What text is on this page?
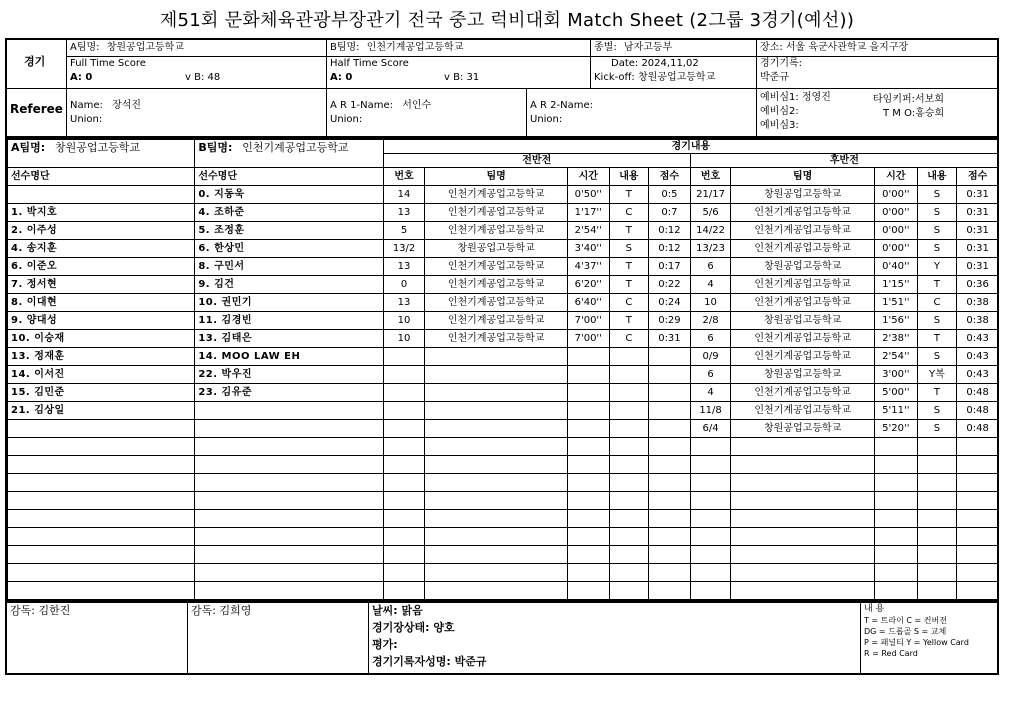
제51회 문화체육관광부장관기 전국 중고 럭비대회 Match Sheet (2그룹 3경기(예선))
경기
A팀명: 창원공업고등학교	B팀명: 인천기계공업고등학교	종별: 남자고등부	장소: 서울 육군사관학교 을지구장
Full Time Score
A: 0	v B: 48
Half Time Score
A: 0	v B: 31
Date: 2024,11,02
Kick-off: 창원공업고등학교
경기기록:
박준규
Referee Name: 장석진
Union:
A R 1-Name: 서인수
Union:
A R 2-Name:
Union:
예비심1: 정영진
예비심2:
예비심3:
타임키퍼:서보희
T M O:홍승희
A팀명: 창원공업고등학교	B팀명: 인천기계공업고등학교	경기내용									
		전반전					후반전				
선수명단	선수명단	번호	팀명	시간	내용	점수	번호	팀명	시간	내용	점수
	0. 지동욱	14	인천기계공업고등학교	0'50''	T	0:5	21/17	창원공업고등학교	0'00''	S	0:31
1. 박지호	4. 조하준	13	인천기계공업고등학교	1'17''	C	0:7	5/6	인천기계공업고등학교	0'00''	S	0:31
2. 이주성	5. 조정훈	5	인천기계공업고등학교	2'54''	T	0:12	14/22	인천기계공업고등학교	0'00''	S	0:31
4. 송지훈	6. 한상민	13/2	창원공업고등학교	3'40''	S	0:12	13/23	인천기계공업고등학교	0'00''	S	0:31
6. 이준오	8. 구민서	13	인천기계공업고등학교	4'37''	T	0:17	6	창원공업고등학교	0'40''	Y	0:31
7. 정서현	9. 김건	0	인천기계공업고등학교	6'20''	T	0:22	4	인천기계공업고등학교	1'15''	T	0:36
8. 이대현	10. 권민기	13	인천기계공업고등학교	6'40''	C	0:24	10	인천기계공업고등학교	1'51''	C	0:38
9. 양대성	11. 김경빈	10	인천기계공업고등학교	7'00''	T	0:29	2/8	창원공업고등학교	1'56''	S	0:38
10. 이승재	13. 김태은	10	인천기계공업고등학교	7'00''	C	0:31	6	인천기계공업고등학교	2'38''	T	0:43
13. 정재훈	14. MOO LAW EH						0/9	인천기계공업고등학교	2'54''	S	0:43
14. 이서진	22. 박우진						6	창원공업고등학교	3'00''	Y복	0:43
15. 김민준	23. 김유준						4	인천기계공업고등학교	5'00''	T	0:48
21. 김상일							11/8	인천기계공업고등학교	5'11''	S	0:48
							6/4	창원공업고등학교	5'20''	S	0:48

감독: 김한진	감독: 김희영	날씨: 맑음
경기장상태: 양호
평가:
경기기록자성명: 박준규
내 용
T = 트라이 C = 컨버젼
DG = 드롭골 S = 교체
P = 패널티 Y = Yellow Card
R = Red Card
